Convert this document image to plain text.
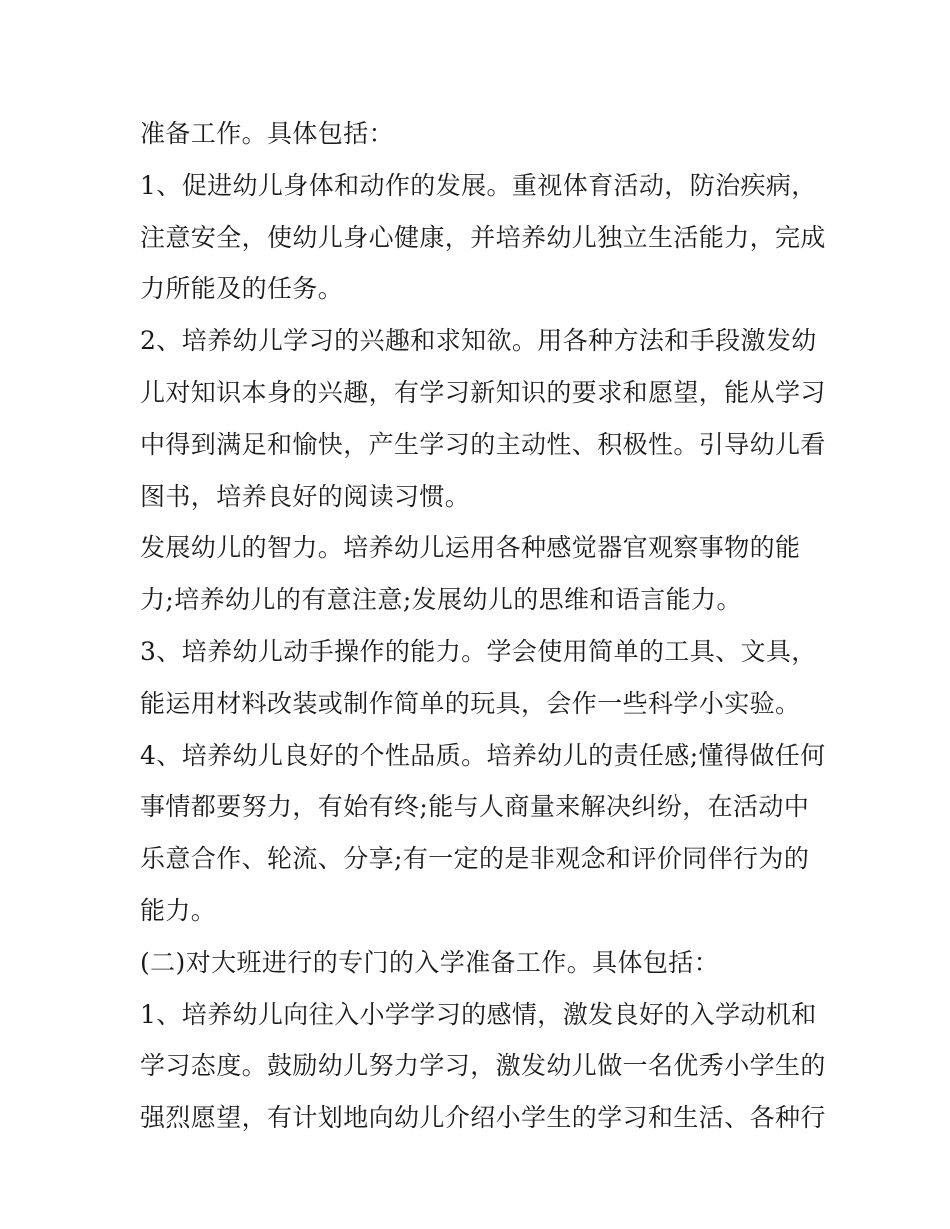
准备工作。具体包括：
1、促进幼儿身体和动作的发展。重视体育活动，防治疾病，
注意安全，使幼儿身心健康，并培养幼儿独立生活能力，完成
力所能及的任务。
2、培养幼儿学习的兴趣和求知欲。用各种方法和手段激发幼
儿对知识本身的兴趣，有学习新知识的要求和愿望，能从学习
中得到满足和愉快，产生学习的主动性、积极性。引导幼儿看
图书，培养良好的阅读习惯。
发展幼儿的智力。培养幼儿运用各种感觉器官观察事物的能
力;培养幼儿的有意注意;发展幼儿的思维和语言能力。
3、培养幼儿动手操作的能力。学会使用简单的工具、文具，
能运用材料改装或制作简单的玩具，会作一些科学小实验。
4、培养幼儿良好的个性品质。培养幼儿的责任感;懂得做任何
事情都要努力，有始有终;能与人商量来解决纠纷，在活动中
乐意合作、轮流、分享;有一定的是非观念和评价同伴行为的
能力。
(二)对大班进行的专门的入学准备工作。具体包括：
1、培养幼儿向往入小学学习的感情，激发良好的入学动机和
学习态度。鼓励幼儿努力学习，激发幼儿做一名优秀小学生的
强烈愿望，有计划地向幼儿介绍小学生的学习和生活、各种行
